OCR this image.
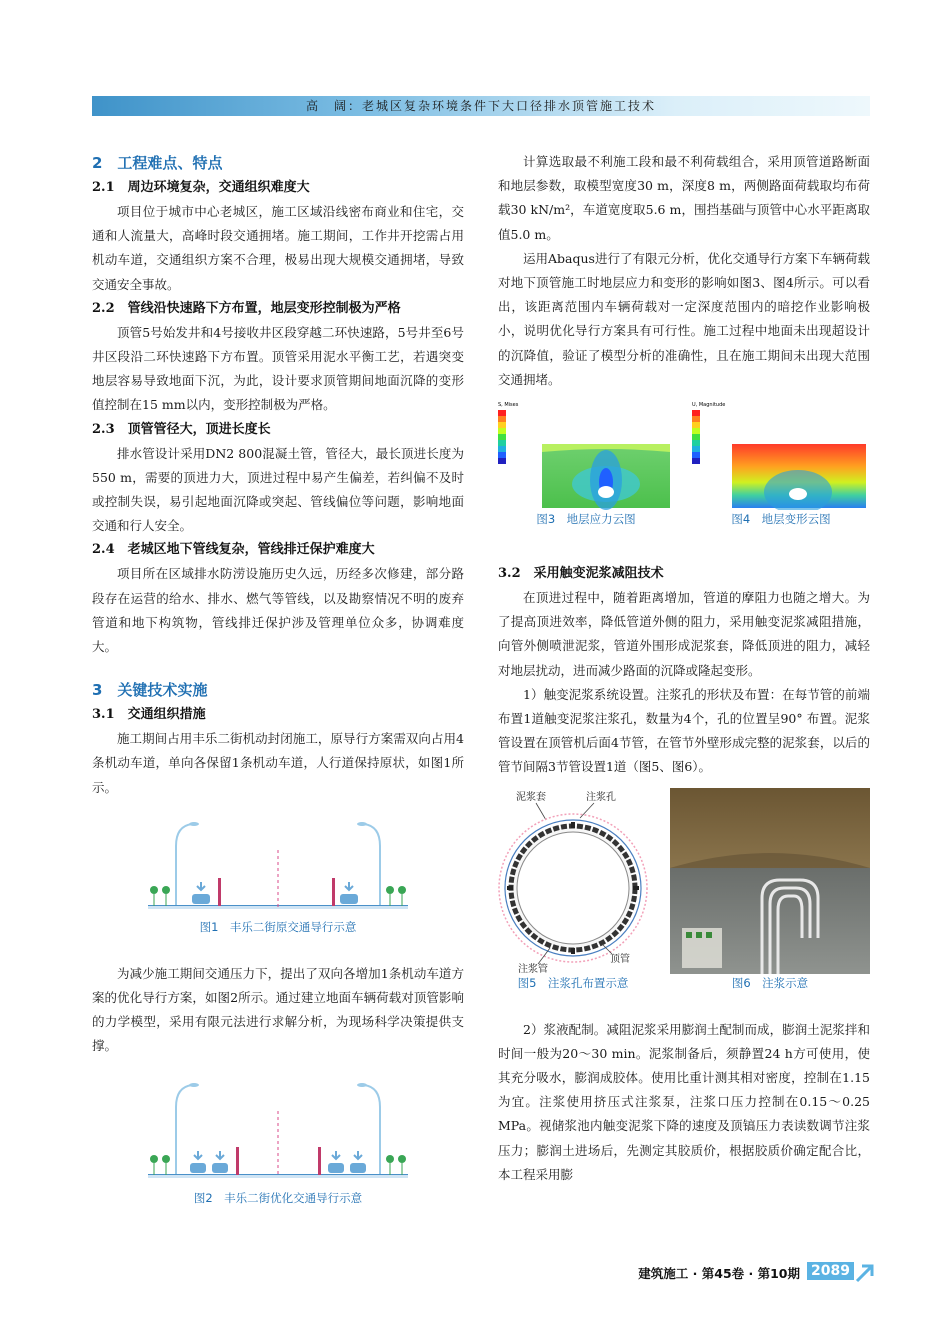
高　阔：老城区复杂环境条件下大口径排水顶管施工技术
2　工程难点、特点
2.1　周边环境复杂，交通组织难度大

项目位于城市中心老城区，施工区域沿线密布商业和住宅，交通和人流量大，高峰时段交通拥堵。施工期间，工作井开挖需占用机动车道，交通组织方案不合理，极易出现大规模交通拥堵，导致交通安全事故。

2.2　管线沿快速路下方布置，地层变形控制极为严格

顶管5号始发井和4号接收井区段穿越二环快速路，5号井至6号井区段沿二环快速路下方布置。顶管采用泥水平衡工艺，若遇突变地层容易导致地面下沉，为此，设计要求顶管期间地面沉降的变形值控制在15 mm以内，变形控制极为严格。

2.3　顶管管径大，顶进长度长

排水管设计采用DN2 800混凝土管，管径大，最长顶进长度为550 m，需要的顶进力大，顶进过程中易产生偏差，若纠偏不及时或控制失误，易引起地面沉降或突起、管线偏位等问题，影响地面交通和行人安全。

2.4　老城区地下管线复杂，管线排迁保护难度大

项目所在区域排水防涝设施历史久远，历经多次修建，部分路段存在运营的给水、排水、燃气等管线，以及勘察情况不明的废弃管道和地下构筑物，管线排迁保护涉及管理单位众多，协调难度大。

3　关键技术实施
3.1　交通组织措施

施工期间占用丰乐二街机动封闭施工，原导行方案需双向占用4条机动车道，单向各保留1条机动车道，人行道保持原状，如图1所示。

图1　丰乐二街原交通导行示意

为减少施工期间交通压力下，提出了双向各增加1条机动车道方案的优化导行方案，如图2所示。通过建立地面车辆荷载对顶管影响的力学模型，采用有限元法进行求解分析，为现场科学决策提供支撑。

图2　丰乐二街优化交通导行示意

计算选取最不利施工段和最不利荷载组合，采用顶管道路断面和地层参数，取模型宽度30 m，深度8 m，两侧路面荷载取均布荷载30 kN/m²，车道宽度取5.6 m，围挡基础与顶管中心水平距离取值5.0 m。

运用Abaqus进行了有限元分析，优化交通导行方案下车辆荷载对地下顶管施工时地层应力和变形的影响如图3、图4所示。可以看出，该距离范围内车辆荷载对一定深度范围内的暗挖作业影响极小，说明优化导行方案具有可行性。施工过程中地面未出现超设计的沉降值，验证了模型分析的准确性，且在施工期间未出现大范围交通拥堵。

S, Mises
图3　地层应力云图
U, Magnitude
图4　地层变形云图
3.2　采用触变泥浆减阻技术

在顶进过程中，随着距离增加，管道的摩阻力也随之增大。为了提高顶进效率，降低管道外侧的阻力，采用触变泥浆减阻措施，向管外侧喷泄泥浆，管道外围形成泥浆套，降低顶进的阻力，减轻对地层扰动，进而减少路面的沉降或隆起变形。

1）触变泥浆系统设置。注浆孔的形状及布置：在每节管的前端布置1道触变泥浆注浆孔，数量为4个，孔的位置呈90° 布置。泥浆管设置在顶管机后面4节管，在管节外壁形成完整的泥浆套，以后的管节间隔3节管设置1道（图5、图6）。

泥浆套	注浆孔
注浆管
顶管
图5　注浆孔布置示意	图6　注浆示意

2）浆液配制。减阻泥浆采用膨润土配制而成，膨润土泥浆拌和时间一般为20～30 min。泥浆制备后，须静置24 h方可使用，使其充分吸水，膨润成胶体。使用比重计测其相对密度，控制在1.15为宜。注浆使用挤压式注浆泵，注浆口压力控制在0.15～0.25 MPa。视储浆池内触变泥浆下降的速度及顶镐压力表读数调节注浆压力；膨润土进场后，先测定其胶质价，根据胶质价确定配合比，本工程采用膨

建筑施工 · 第45卷 · 第10期 2089
